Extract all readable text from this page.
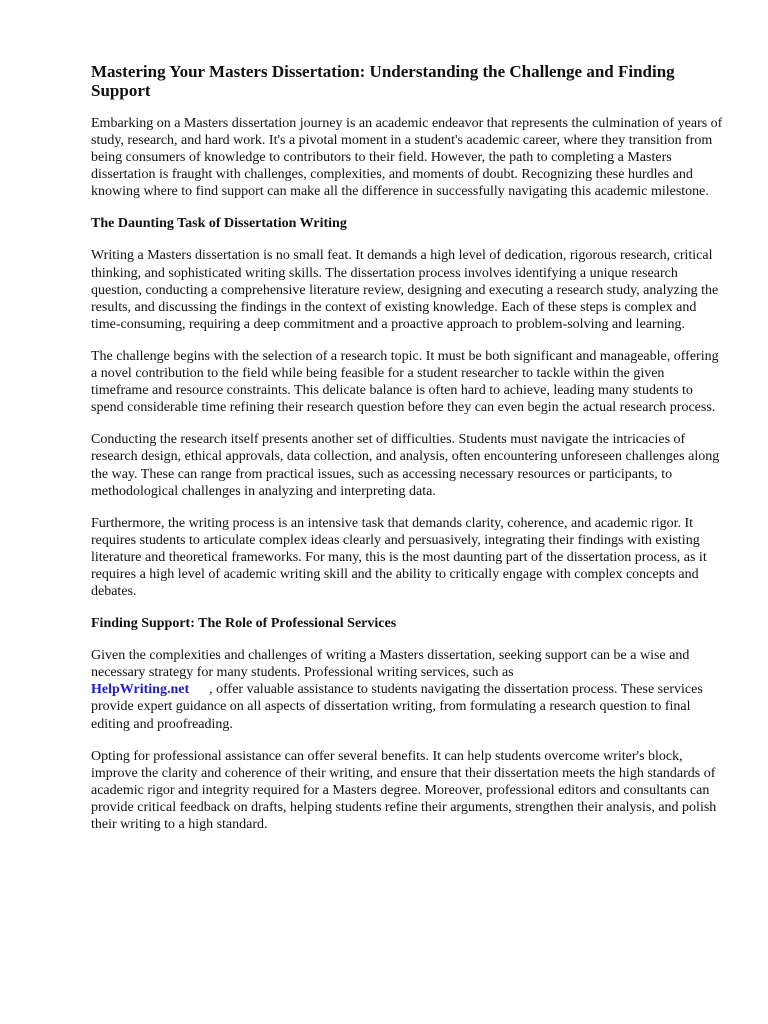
Mastering Your Masters Dissertation: Understanding the Challenge and Finding Support

Embarking on a Masters dissertation journey is an academic endeavor that represents the culmination of years of study, research, and hard work. It's a pivotal moment in a student's academic career, where they transition from being consumers of knowledge to contributors to their field. However, the path to completing a Masters dissertation is fraught with challenges, complexities, and moments of doubt. Recognizing these hurdles and knowing where to find support can make all the difference in successfully navigating this academic milestone.

The Daunting Task of Dissertation Writing

Writing a Masters dissertation is no small feat. It demands a high level of dedication, rigorous research, critical thinking, and sophisticated writing skills. The dissertation process involves identifying a unique research question, conducting a comprehensive literature review, designing and executing a research study, analyzing the results, and discussing the findings in the context of existing knowledge. Each of these steps is complex and time-consuming, requiring a deep commitment and a proactive approach to problem-solving and learning.

The challenge begins with the selection of a research topic. It must be both significant and manageable, offering a novel contribution to the field while being feasible for a student researcher to tackle within the given timeframe and resource constraints. This delicate balance is often hard to achieve, leading many students to spend considerable time refining their research question before they can even begin the actual research process.

Conducting the research itself presents another set of difficulties. Students must navigate the intricacies of research design, ethical approvals, data collection, and analysis, often encountering unforeseen challenges along the way. These can range from practical issues, such as accessing necessary resources or participants, to methodological challenges in analyzing and interpreting data.

Furthermore, the writing process is an intensive task that demands clarity, coherence, and academic rigor. It requires students to articulate complex ideas clearly and persuasively, integrating their findings with existing literature and theoretical frameworks. For many, this is the most daunting part of the dissertation process, as it requires a high level of academic writing skill and the ability to critically engage with complex concepts and debates.

Finding Support: The Role of Professional Services

Given the complexities and challenges of writing a Masters dissertation, seeking support can be a wise and necessary strategy for many students. Professional writing services, such as
HelpWriting.net , offer valuable assistance to students navigating the dissertation process. These services provide expert guidance on all aspects of dissertation writing, from formulating a research question to final editing and proofreading.

Opting for professional assistance can offer several benefits. It can help students overcome writer's block, improve the clarity and coherence of their writing, and ensure that their dissertation meets the high standards of academic rigor and integrity required for a Masters degree. Moreover, professional editors and consultants can provide critical feedback on drafts, helping students refine their arguments, strengthen their analysis, and polish their writing to a high standard.
